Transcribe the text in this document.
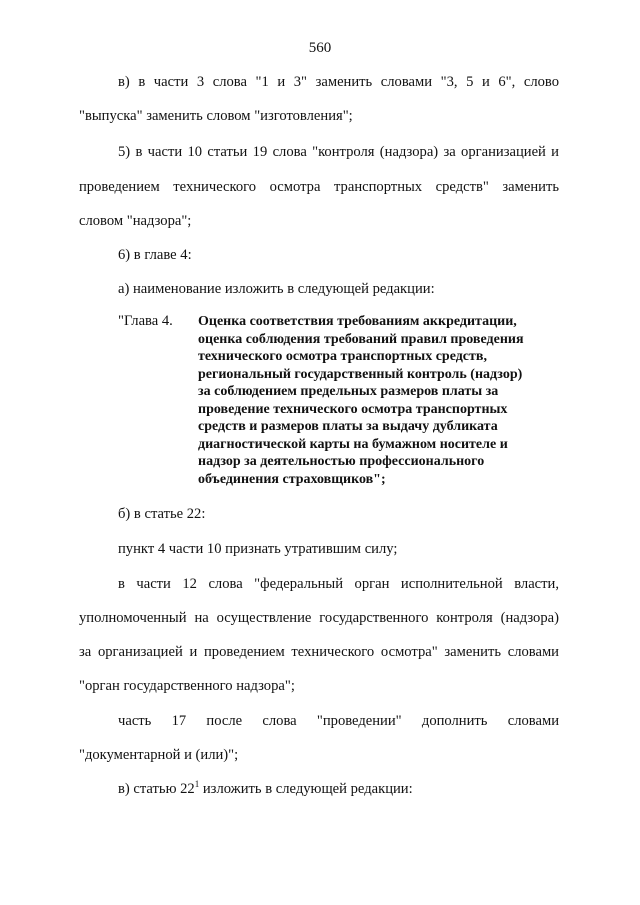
560
в) в части 3 слова "1 и 3" заменить словами "3, 5 и 6", слово
"выпуска" заменить словом "изготовления";
5) в части 10 статьи 19 слова "контроля (надзора) за организацией и
проведением технического осмотра транспортных средств" заменить
словом "надзора";
6) в главе 4:
а) наименование изложить в следующей редакции:
"Глава 4. Оценка соответствия требованиям аккредитации,
оценка соблюдения требований правил проведения
технического осмотра транспортных средств,
региональный государственный контроль (надзор)
за соблюдением предельных размеров платы за
проведение технического осмотра транспортных
средств и размеров платы за выдачу дубликата
диагностической карты на бумажном носителе и
надзор за деятельностью профессионального
объединения страховщиков";
б) в статье 22:
пункт 4 части 10 признать утратившим силу;
в части 12 слова "федеральный орган исполнительной власти,
уполномоченный на осуществление государственного контроля (надзора)
за организацией и проведением технического осмотра" заменить словами
"орган государственного надзора";
часть 17 после слова "проведении" дополнить словами
"документарной и (или)";
в) статью $22^1$ изложить в следующей редакции:
